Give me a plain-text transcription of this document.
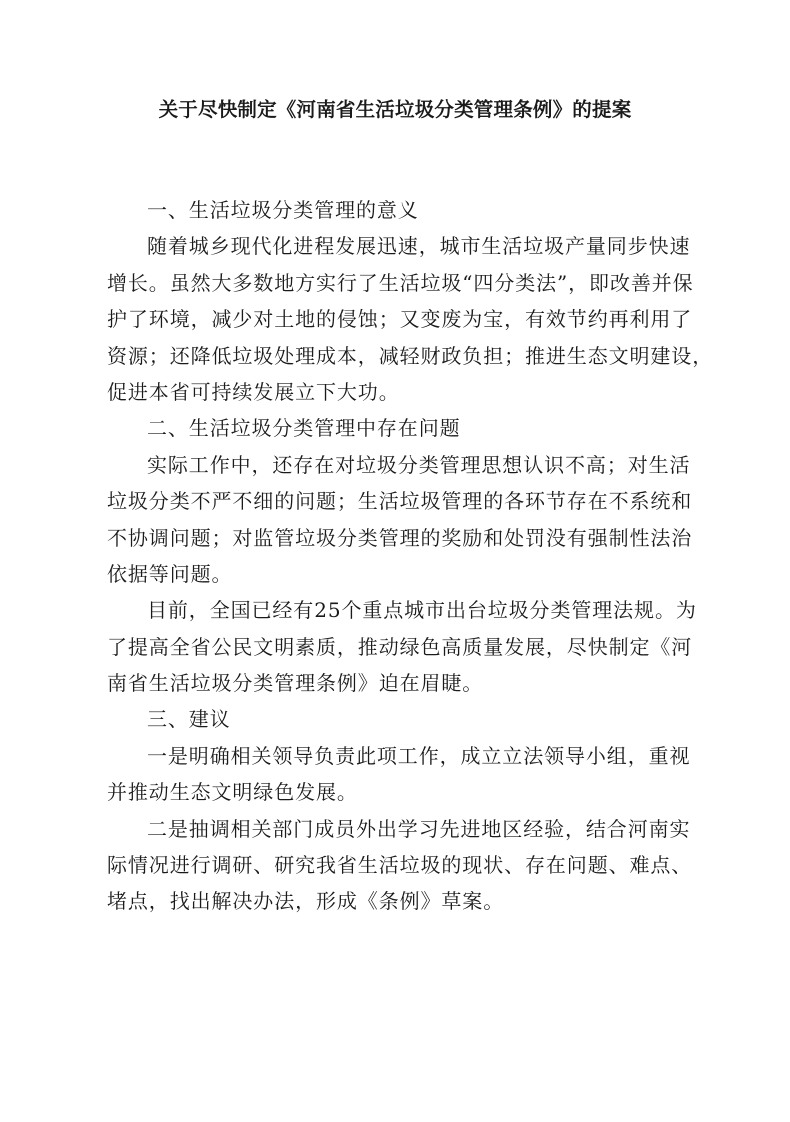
关于尽快制定《河南省生活垃圾分类管理条例》的提案
一、生活垃圾分类管理的意义
随着城乡现代化进程发展迅速，城市生活垃圾产量同步快速
增长。虽然大多数地方实行了生活垃圾“四分类法”，即改善并保
护了环境，减少对土地的侵蚀；又变废为宝，有效节约再利用了
资源；还降低垃圾处理成本，减轻财政负担；推进生态文明建设，
促进本省可持续发展立下大功。
二、生活垃圾分类管理中存在问题
实际工作中，还存在对垃圾分类管理思想认识不高；对生活
垃圾分类不严不细的问题；生活垃圾管理的各环节存在不系统和
不协调问题；对监管垃圾分类管理的奖励和处罚没有强制性法治
依据等问题。
目前，全国已经有25个重点城市出台垃圾分类管理法规。为
了提高全省公民文明素质，推动绿色高质量发展，尽快制定《河
南省生活垃圾分类管理条例》迫在眉睫。
三、建议
一是明确相关领导负责此项工作，成立立法领导小组，重视
并推动生态文明绿色发展。
二是抽调相关部门成员外出学习先进地区经验，结合河南实
际情况进行调研、研究我省生活垃圾的现状、存在问题、难点、
堵点，找出解决办法，形成《条例》草案。
